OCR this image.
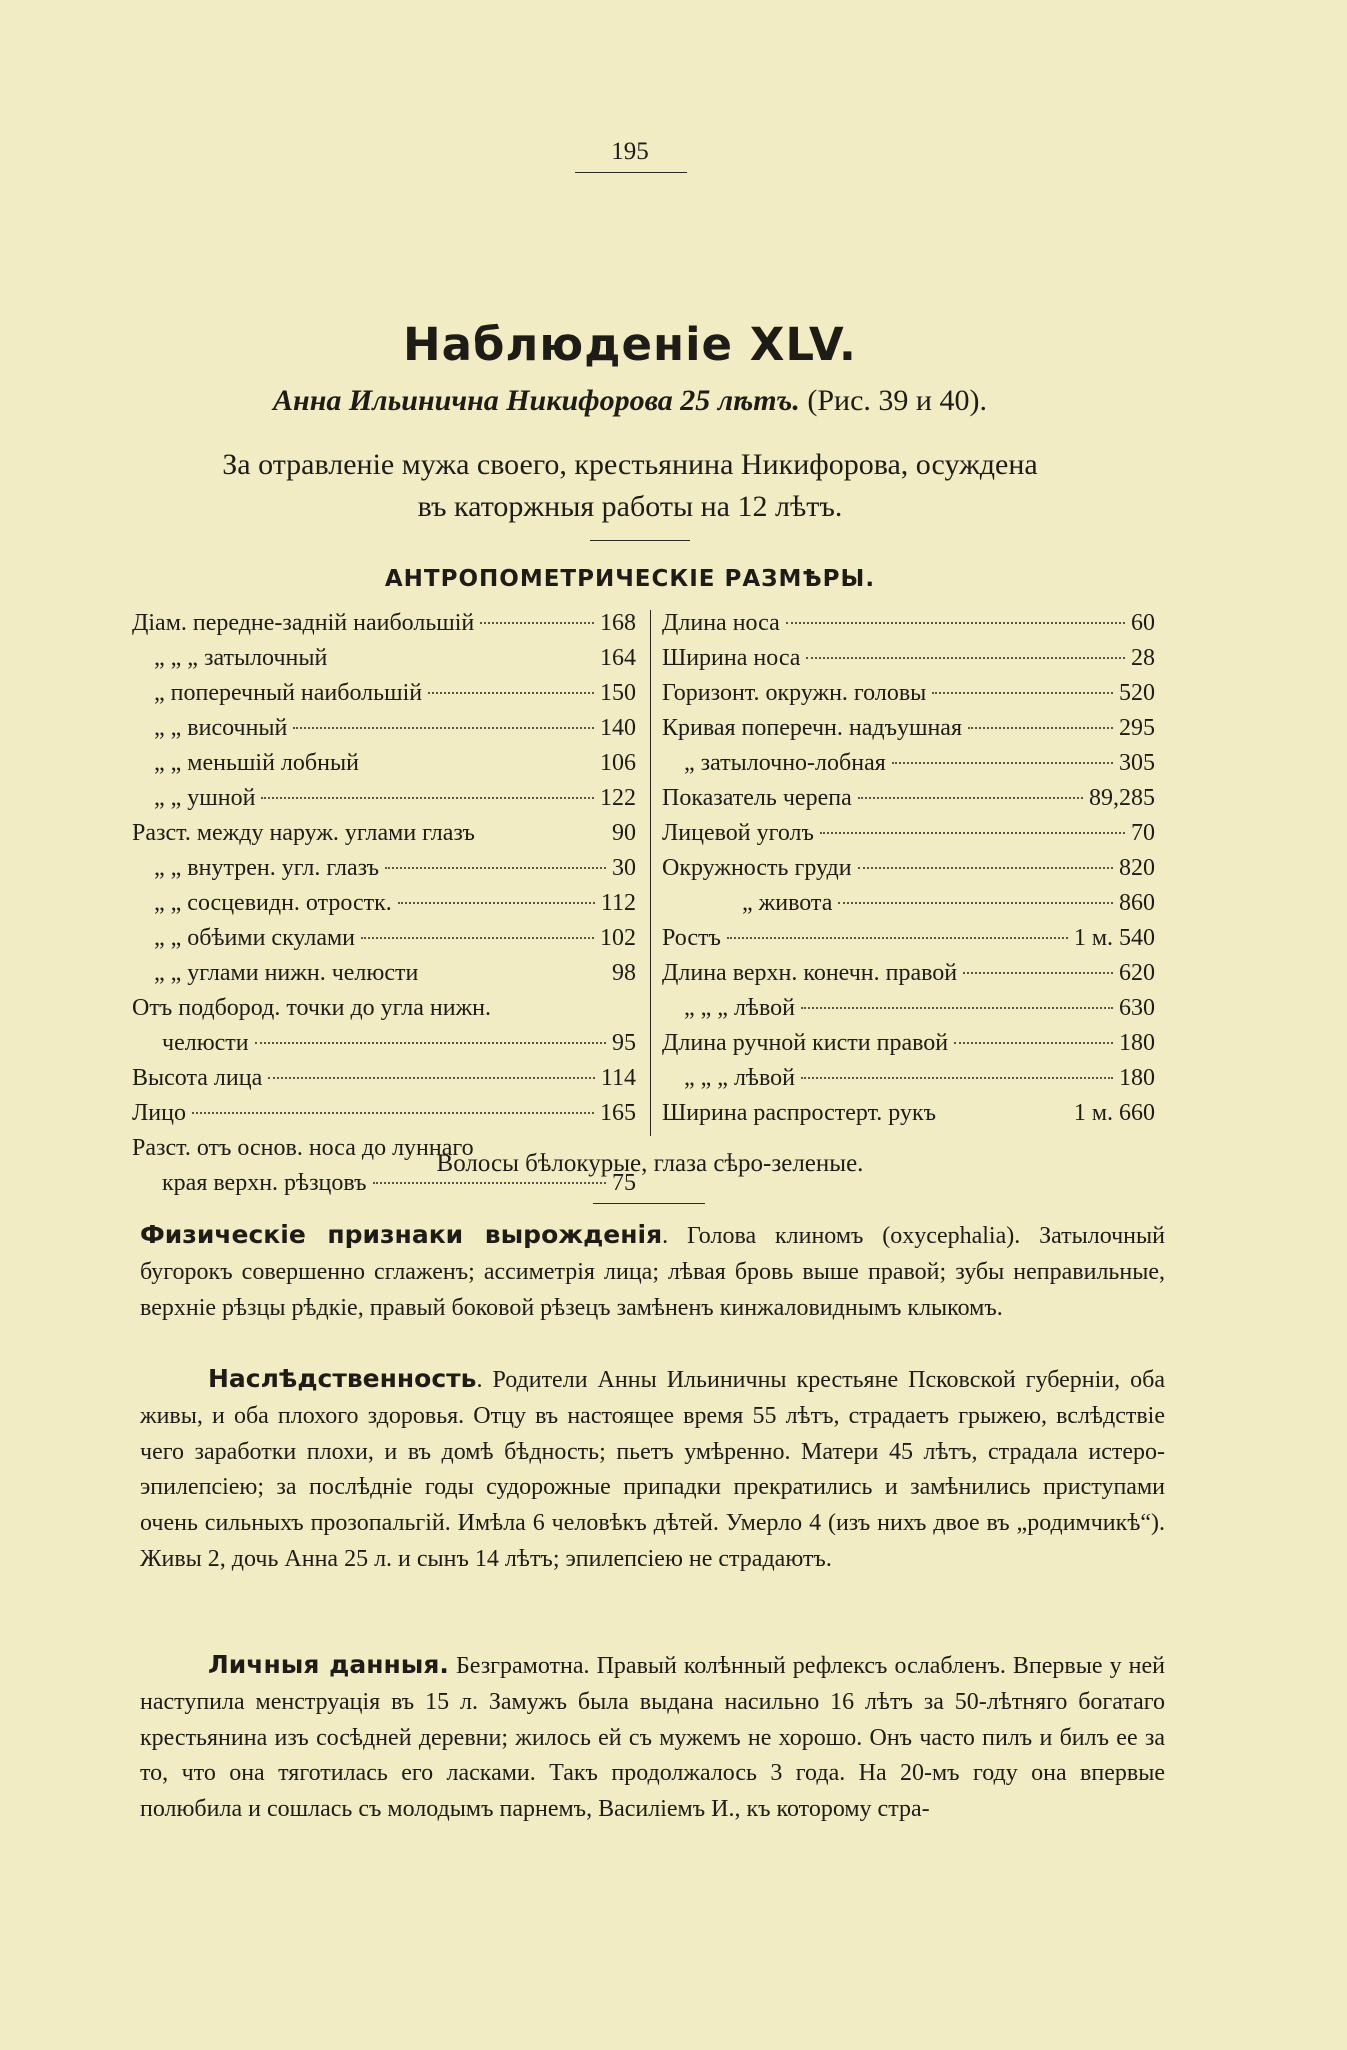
195
Наблюденіе XLV.
Анна Ильинична Никифорова 25 лѣтъ. (Рис. 39 и 40).
За отравленіе мужа своего, крестьянина Никифорова, осуждена
въ каторжныя работы на 12 лѣтъ.
АНТРОПОМЕТРИЧЕСКІЕ РАЗМѢРЫ.
Діам. передне-задній наибольшій	168
„ „ „ затылочный	164
„ поперечный наибольшій	150
„ „ височный	140
„ „ меньшій лобный	106
„ „ ушной	122
Разст. между наруж. углами глазъ	90
„ „ внутрен. угл. глазъ	30
„ „ сосцевидн. отростк.	112
„ „ обѣими скулами	102
„ „ углами нижн. челюсти	98
Отъ подбород. точки до угла нижн.
челюсти	95
Высота лица	114
Лицо	165
Разст. отъ основ. носа до луннаго
края верхн. рѣзцовъ	75
Длина носа	60
Ширина носа	28
Горизонт. окружн. головы	520
Кривая поперечн. надъушная	295
„ затылочно-лобная	305
Показатель черепа	89,285
Лицевой уголъ	70
Окружность груди	820
„ живота	860
Ростъ	1 м. 540
Длина верхн. конечн. правой	620
„ „ „ лѣвой	630
Длина ручной кисти правой	180
„ „ „ лѣвой	180
Ширина распростерт. рукъ	1 м. 660
Волосы бѣлокурые, глаза сѣро-зеленые.
Физическіе признаки вырожденія. Голова клиномъ (oxycephalia). Затылочный бугорокъ совершенно сглаженъ; ассиметрія лица; лѣвая бровь выше правой; зубы неправильные, верхніе рѣзцы рѣдкіе, правый боковой рѣзецъ замѣненъ кинжаловиднымъ клыкомъ.
Наслѣдственность. Родители Анны Ильиничны крестьяне Псковской губерніи, оба живы, и оба плохого здоровья. Отцу въ настоящее время 55 лѣтъ, страдаетъ грыжею, вслѣдствіе чего заработки плохи, и въ домѣ бѣдность; пьетъ умѣренно. Матери 45 лѣтъ, страдала истеро-эпилепсіею; за послѣдніе годы судорожные припадки прекратились и замѣнились приступами очень сильныхъ прозопальгій. Имѣла 6 человѣкъ дѣтей. Умерло 4 (изъ нихъ двое въ „родимчикѣ“). Живы 2, дочь Анна 25 л. и сынъ 14 лѣтъ; эпилепсіею не страдаютъ.
Личныя данныя. Безграмотна. Правый колѣнный рефлексъ ослабленъ. Впервые у ней наступила менструація въ 15 л. Замужъ была выдана насильно 16 лѣтъ за 50-лѣтняго богатаго крестьянина изъ сосѣдней деревни; жилось ей съ мужемъ не хорошо. Онъ часто пилъ и билъ ее за то, что она тяготилась его ласками. Такъ продолжалось 3 года. На 20-мъ году она впервые полюбила и сошлась съ молодымъ парнемъ, Василіемъ И., къ которому стра-
